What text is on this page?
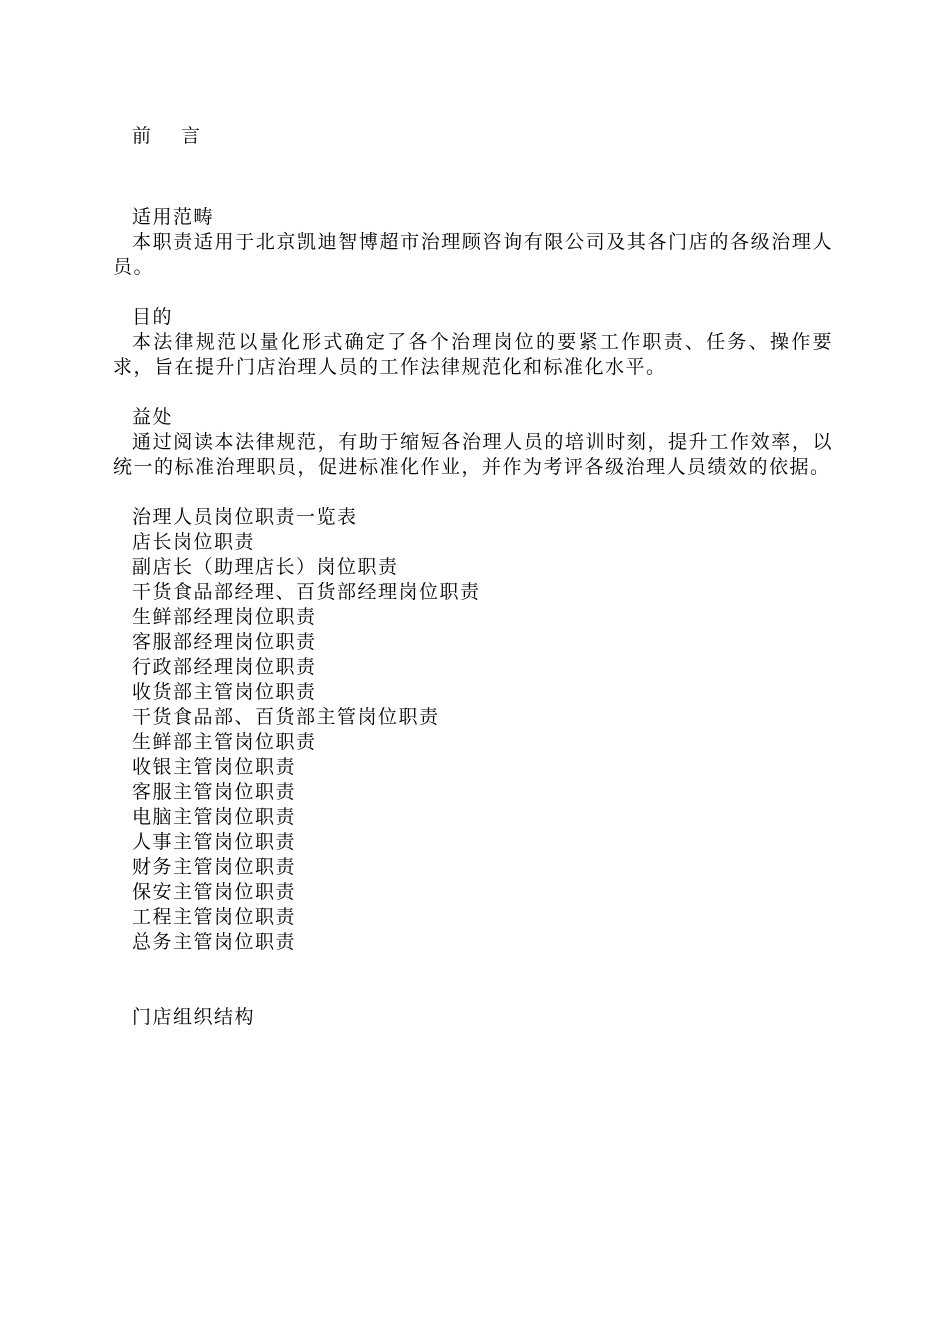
前 言
适用范畴

本职责适用于北京凯迪智博超市治理顾咨询有限公司及其各门店的各级治理人员。

目的

本法律规范以量化形式确定了各个治理岗位的要紧工作职责、任务、操作要求，旨在提升门店治理人员的工作法律规范化和标准化水平。

益处

通过阅读本法律规范，有助于缩短各治理人员的培训时刻，提升工作效率，以统一的标准治理职员，促进标准化作业，并作为考评各级治理人员绩效的依据。

治理人员岗位职责一览表
店长岗位职责
副店长（助理店长）岗位职责
干货食品部经理、百货部经理岗位职责
生鲜部经理岗位职责
客服部经理岗位职责
行政部经理岗位职责
收货部主管岗位职责
干货食品部、百货部主管岗位职责
生鲜部主管岗位职责
收银主管岗位职责
客服主管岗位职责
电脑主管岗位职责
人事主管岗位职责
财务主管岗位职责
保安主管岗位职责
工程主管岗位职责
总务主管岗位职责
门店组织结构
